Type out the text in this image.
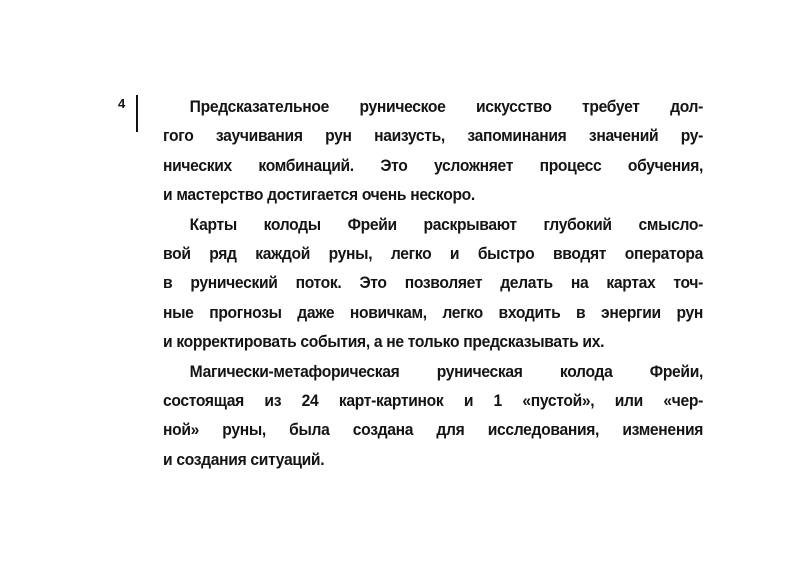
4	Предсказательное руническое искусство требует дол-
гого заучивания рун наизусть, запоминания значений ру-
нических комбинаций. Это усложняет процесс обучения,
и мастерство достигается очень нескоро.
Карты колоды Фрейи раскрывают глубокий смысло-
вой ряд каждой руны, легко и быстро вводят оператора
в рунический поток. Это позволяет делать на картах точ-
ные прогнозы даже новичкам, легко входить в энергии рун
и корректировать события, а не только предсказывать их.
Магически-метафорическая руническая колода Фрейи,
состоящая из 24 карт-картинок и 1 «пустой», или «чер-
ной» руны, была создана для исследования, изменения
и создания ситуаций.
